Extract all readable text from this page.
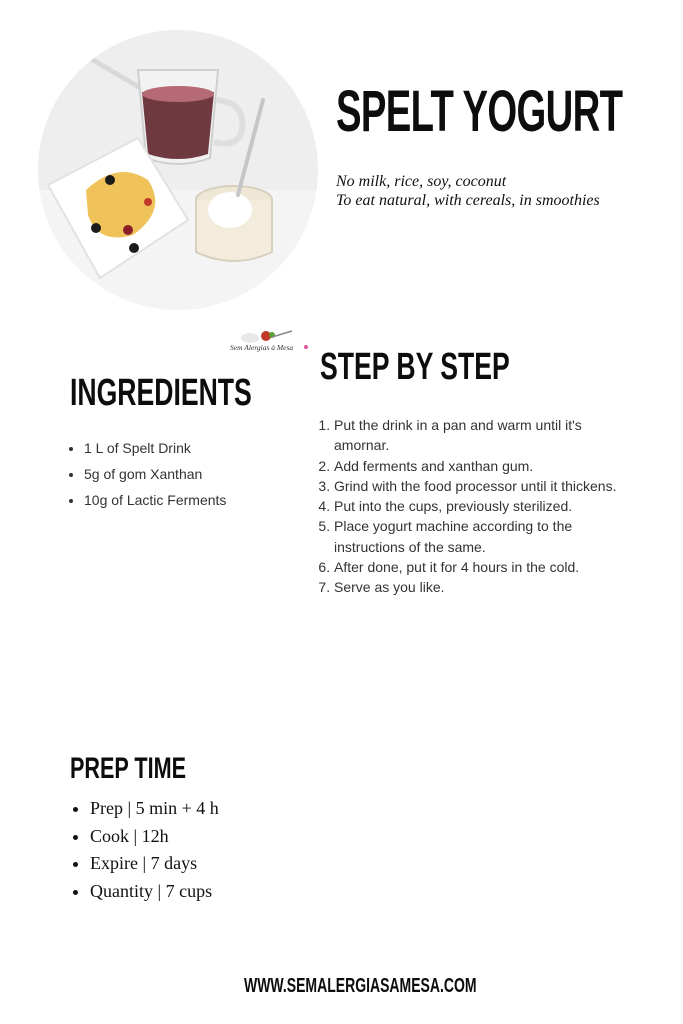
SPELT YOGURT
No milk, rice, soy, coconut
To eat natural, with cereals, in smoothies
Sem Alergias à Mesa STEP BY STEP
INGREDIENTS
• 1 L of Spelt Drink
• 5g of gom Xanthan
• 10g of Lactic Ferments
1. Put the drink in a pan and warm until it's amornar.
2. Add ferments and xanthan gum.
3. Grind with the food processor until it thickens.
4. Put into the cups, previously sterilized.
5. Place yogurt machine according to the instructions of the same.
6. After done, put it for 4 hours in the cold.
7. Serve as you like.
PREP TIME
• Prep | 5 min + 4 h
• Cook | 12h
• Expire | 7 days
• Quantity | 7 cups
WWW.SEMALERGIASAMESA.COM
